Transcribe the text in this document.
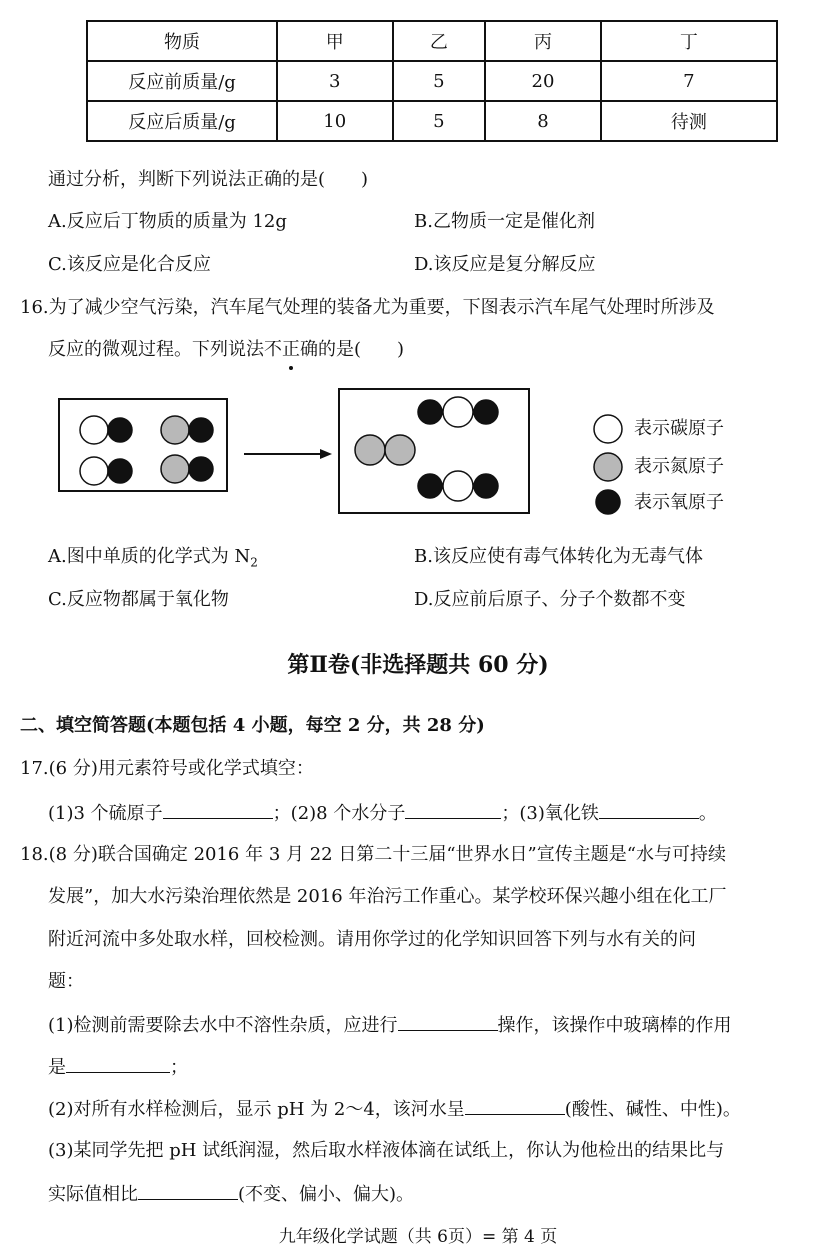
物质	甲	乙	丙	丁
反应前质量/g	3	5	20	7
反应后质量/g	10	5	8	待测
通过分析，判断下列说法正确的是(　　)
A.反应后丁物质的质量为 12g	B.乙物质一定是催化剂
C.该反应是化合反应	D.该反应是复分解反应
16.为了减少空气污染，汽车尾气处理的装备尤为重要，下图表示汽车尾气处理时所涉及
反应的微观过程。下列说法不正确的是(　　)
表示碳原子
表示氮原子
表示氧原子
A.图中单质的化学式为 $N_2$	B.该反应使有毒气体转化为无毒气体
C.反应物都属于氧化物	D.反应前后原子、分子个数都不变
第Ⅱ卷(非选择题共 60 分)
二、填空简答题(本题包括 4 小题，每空 2 分，共 28 分)
17.(6 分)用元素符号或化学式填空：
(1)3 个硫原子	；(2)8 个水分子	；(3)氧化铁	。
18.(8 分)联合国确定 2016 年 3 月 22 日第二十三届“世界水日”宣传主题是“水与可持续
发展”，加大水污染治理依然是 2016 年治污工作重心。某学校环保兴趣小组在化工厂
附近河流中多处取水样，回校检测。请用你学过的化学知识回答下列与水有关的问
题：
(1)检测前需要除去水中不溶性杂质，应进行	操作，该操作中玻璃棒的作用
是	；
(2)对所有水样检测后，显示 pH 为 2～4，该河水呈	(酸性、碱性、中性)。
(3)某同学先把 pH 试纸润湿，然后取水样液体滴在试纸上，你认为他检出的结果比与
实际值相比	(不变、偏小、偏大)。
九年级化学试题（共 6页）= 第 4 页
